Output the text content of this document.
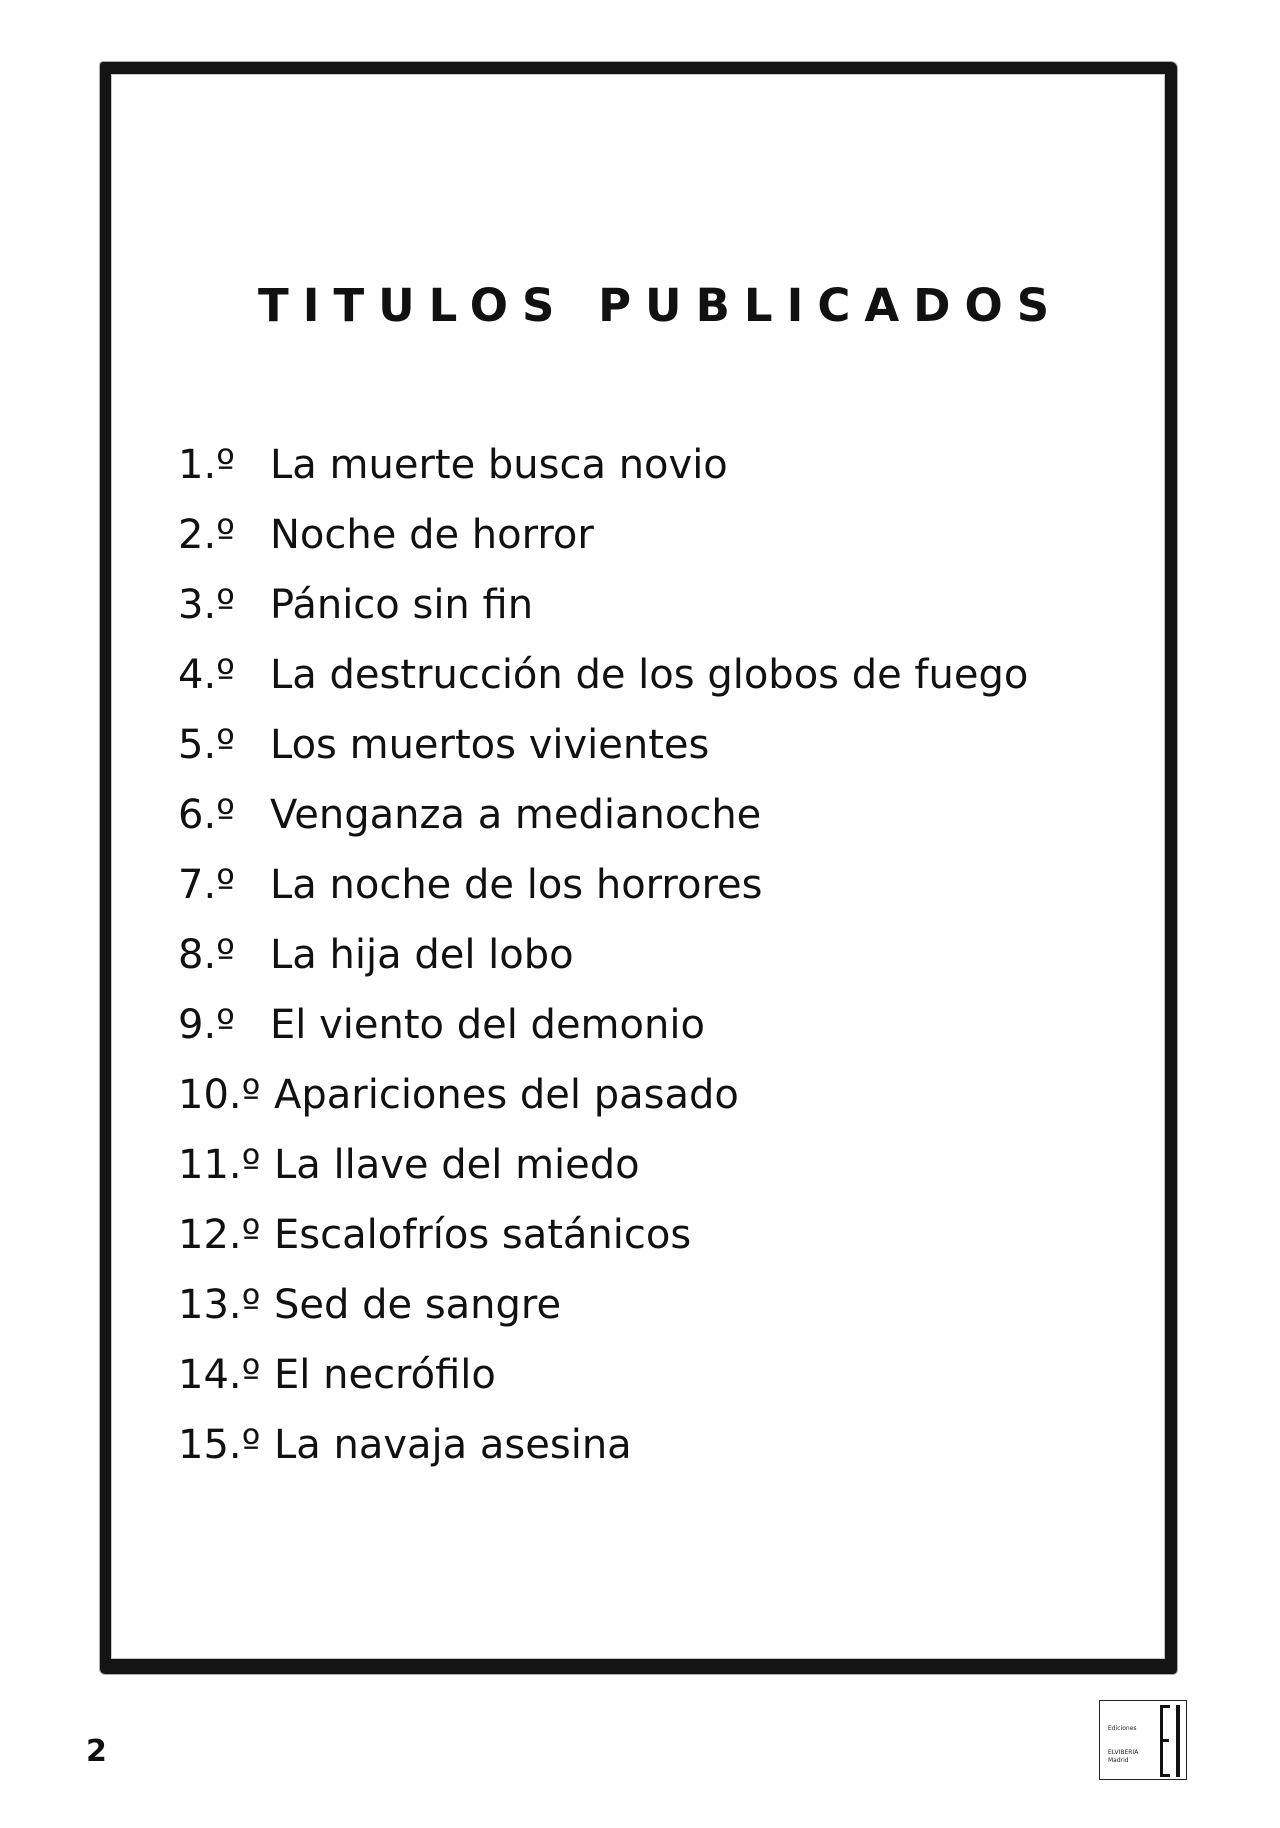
TITULOS PUBLICADOS
1.º La muerte busca novio
2.º Noche de horror
3.º Pánico sin fin
4.º La destrucción de los globos de fuego
5.º Los muertos vivientes
6.º Venganza a medianoche
7.º La noche de los horrores
8.º La hija del lobo
9.º El viento del demonio
10.º Apariciones del pasado
11.º La llave del miedo
12.º Escalofríos satánicos
13.º Sed de sangre
14.º El necrófilo
15.º La navaja asesina
2
Ediciones
ELVIBERIA
Madrid
